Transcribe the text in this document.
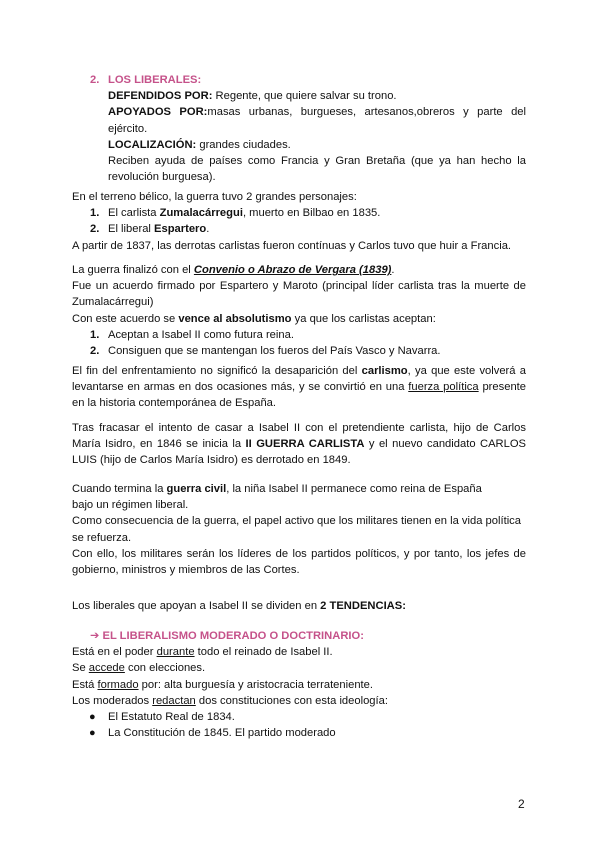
2. LOS LIBERALES:

DEFENDIDOS POR: Regente, que quiere salvar su trono.

APOYADOS POR:masas urbanas, burgueses, artesanos,obreros y parte del ejército.

LOCALIZACIÓN: grandes ciudades.

Reciben ayuda de países como Francia y Gran Bretaña (que ya han hecho la revolución burguesa).

En el terreno bélico, la guerra tuvo 2 grandes personajes:

1. El carlista Zumalacárregui, muerto en Bilbao en 1835.
2. El liberal Espartero.

A partir de 1837, las derrotas carlistas fueron contínuas y Carlos tuvo que huir a Francia.

La guerra finalizó con el Convenio o Abrazo de Vergara (1839).

Fue un acuerdo firmado por Espartero y Maroto (principal líder carlista tras la muerte de Zumalacárregui)

Con este acuerdo se vence al absolutismo ya que los carlistas aceptan:

1. Aceptan a Isabel II como futura reina.
2. Consiguen que se mantengan los fueros del País Vasco y Navarra.
El fin del enfrentamiento no significó la desaparición del carlismo, ya que este volverá a levantarse en armas en dos ocasiones más, y se convirtió en una fuerza política presente en la historia contemporánea de España.
Tras fracasar el intento de casar a Isabel II con el pretendiente carlista, hijo de Carlos María Isidro, en 1846 se inicia la II GUERRA CARLISTA y el nuevo candidato CARLOS LUIS (hijo de Carlos María Isidro) es derrotado en 1849.

Cuando termina la guerra civil, la niña Isabel II permanece como reina de España

bajo un régimen liberal.

Como consecuencia de la guerra, el papel activo que los militares tienen en la vida política se refuerza.

Con ello, los militares serán los líderes de los partidos políticos, y por tanto, los jefes de gobierno, ministros y miembros de las Cortes.

Los liberales que apoyan a Isabel II se dividen en 2 TENDENCIAS:

➔ EL LIBERALISMO MODERADO O DOCTRINARIO:

Está en el poder durante todo el reinado de Isabel II.

Se accede con elecciones.

Está formado por: alta burguesía y aristocracia terrateniente.

Los moderados redactan dos constituciones con esta ideología:

● El Estatuto Real de 1834.
● La Constitución de 1845. El partido moderado
2
